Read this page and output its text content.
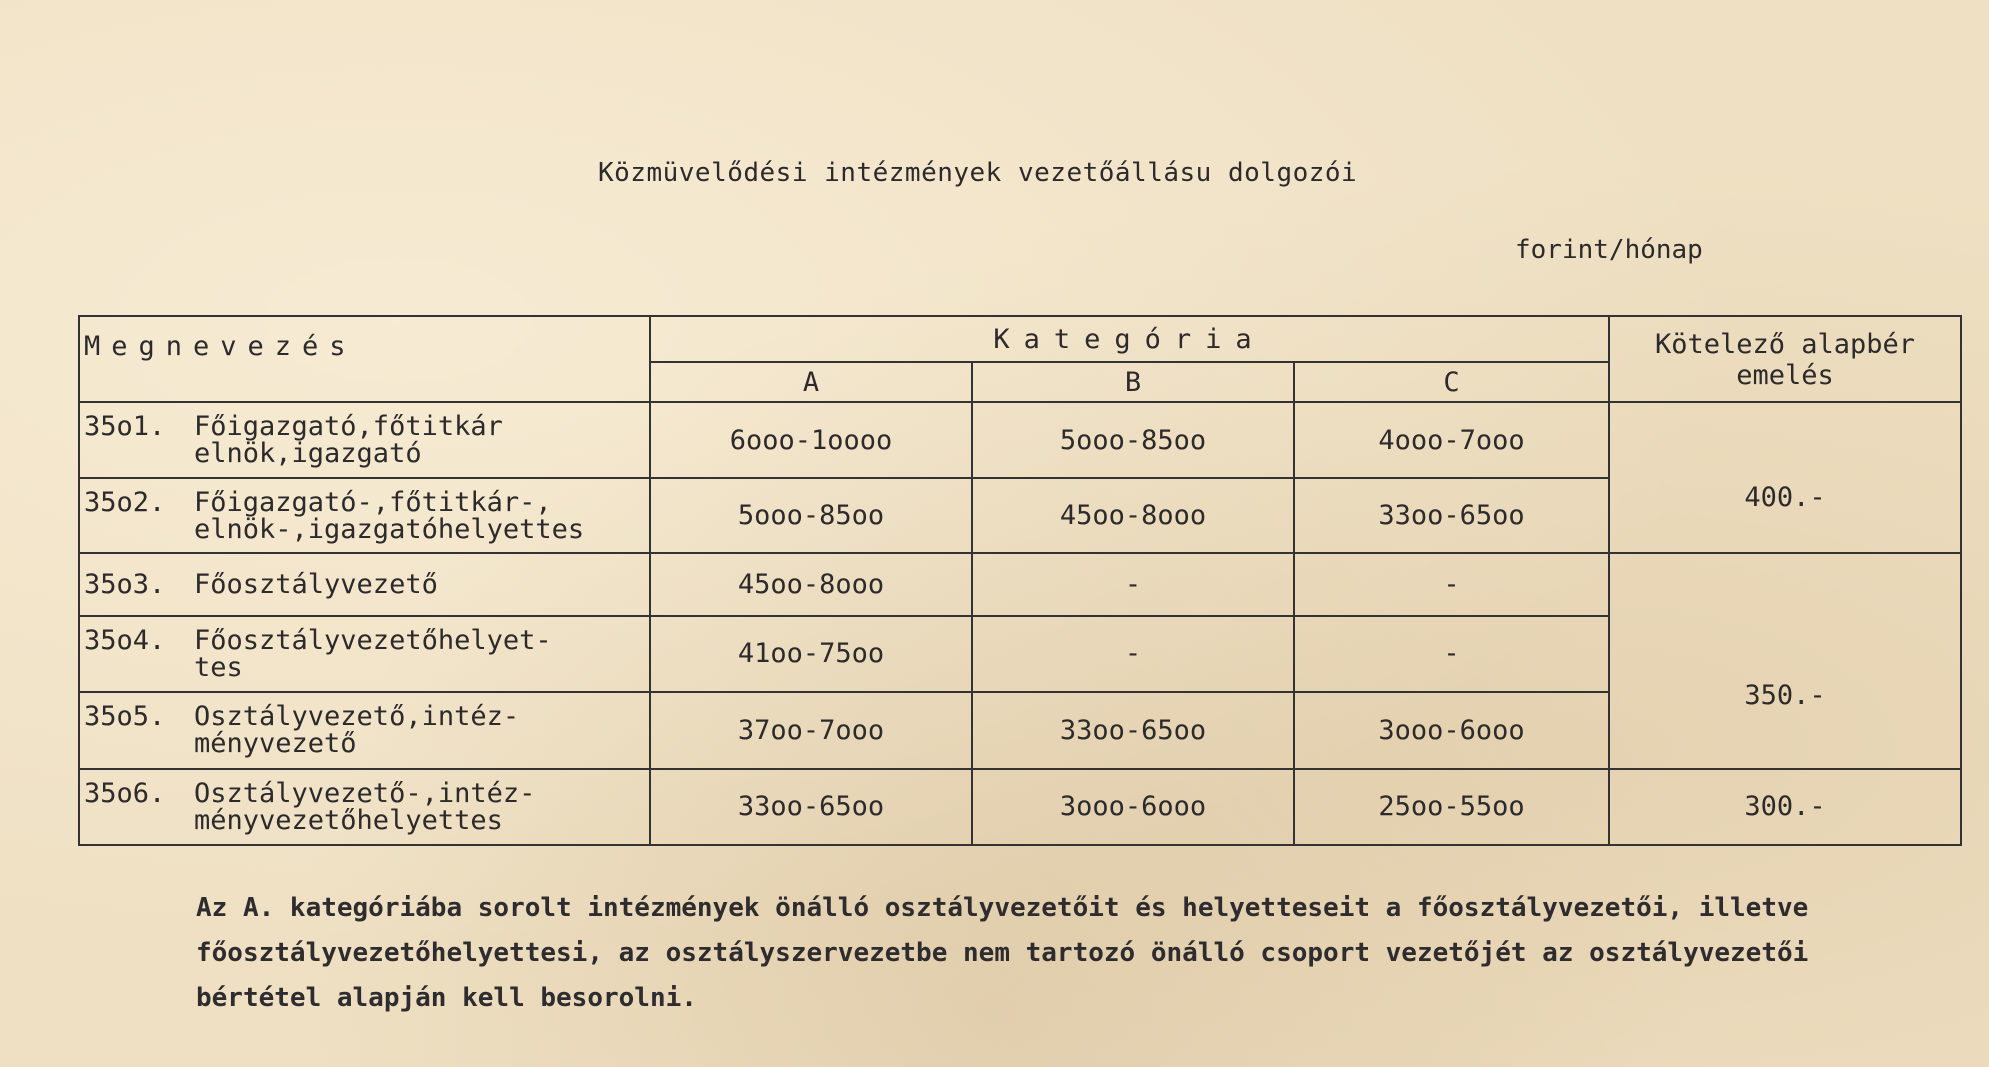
Közmüvelődési intézmények vezetőállásu dolgozói
forint/hónap
Megnevezés	Kategória			Kötelező alapbér emelés
	A	B	C	
35o1. Főigazgató,főtitkár
elnök,igazgató	6ooo-1oooo	5ooo-85oo	4ooo-7ooo	400.-
35o2. Főigazgató-,főtitkár-,
elnök-,igazgatóhelyettes	5ooo-85oo	45oo-8ooo	33oo-65oo	
35o3. Főosztályvezető	45oo-8ooo	-	-	350.-
35o4. Főosztályvezetőhelyet-
tes	41oo-75oo	-	-	
35o5. Osztályvezető,intéz-
ményvezető	37oo-7ooo	33oo-65oo	3ooo-6ooo	
35o6. Osztályvezető-,intéz-
ményvezetőhelyettes	33oo-65oo	3ooo-6ooo	25oo-55oo	300.-
Az A. kategóriába sorolt intézmények önálló osztályvezetőit és helyetteseit a főosztályvezetői, illetve főosztályvezetőhelyettesi, az osztályszervezetbe nem tartozó önálló csoport vezetőjét az osztályvezetői bértétel alapján kell besorolni.
